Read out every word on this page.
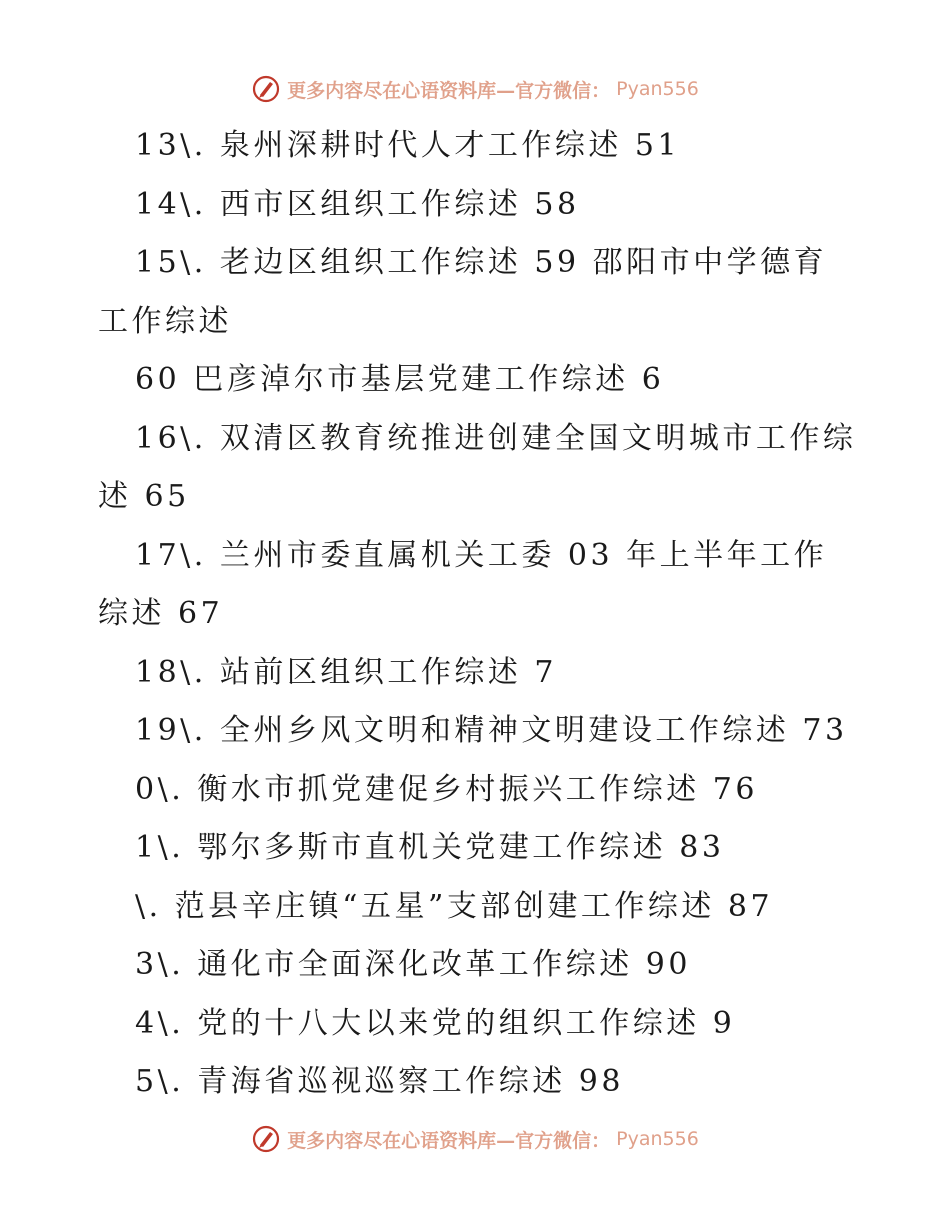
更多内容尽在心语资料库—官方微信： Pyan556
13\. 泉州深耕时代人才工作综述 51
14\. 西市区组织工作综述 58
15\. 老边区组织工作综述 59 邵阳市中学德育工作综述
60 巴彦淖尔市基层党建工作综述 6
16\. 双清区教育统推进创建全国文明城市工作综述 65
17\. 兰州市委直属机关工委 03 年上半年工作综述 67
18\. 站前区组织工作综述 7
19\. 全州乡风文明和精神文明建设工作综述 73
0\. 衡水市抓党建促乡村振兴工作综述 76
1\. 鄂尔多斯市直机关党建工作综述 83
\. 范县辛庄镇“五星”支部创建工作综述 87
3\. 通化市全面深化改革工作综述 90
4\. 党的十八大以来党的组织工作综述 9
5\. 青海省巡视巡察工作综述 98
更多内容尽在心语资料库—官方微信： Pyan556
